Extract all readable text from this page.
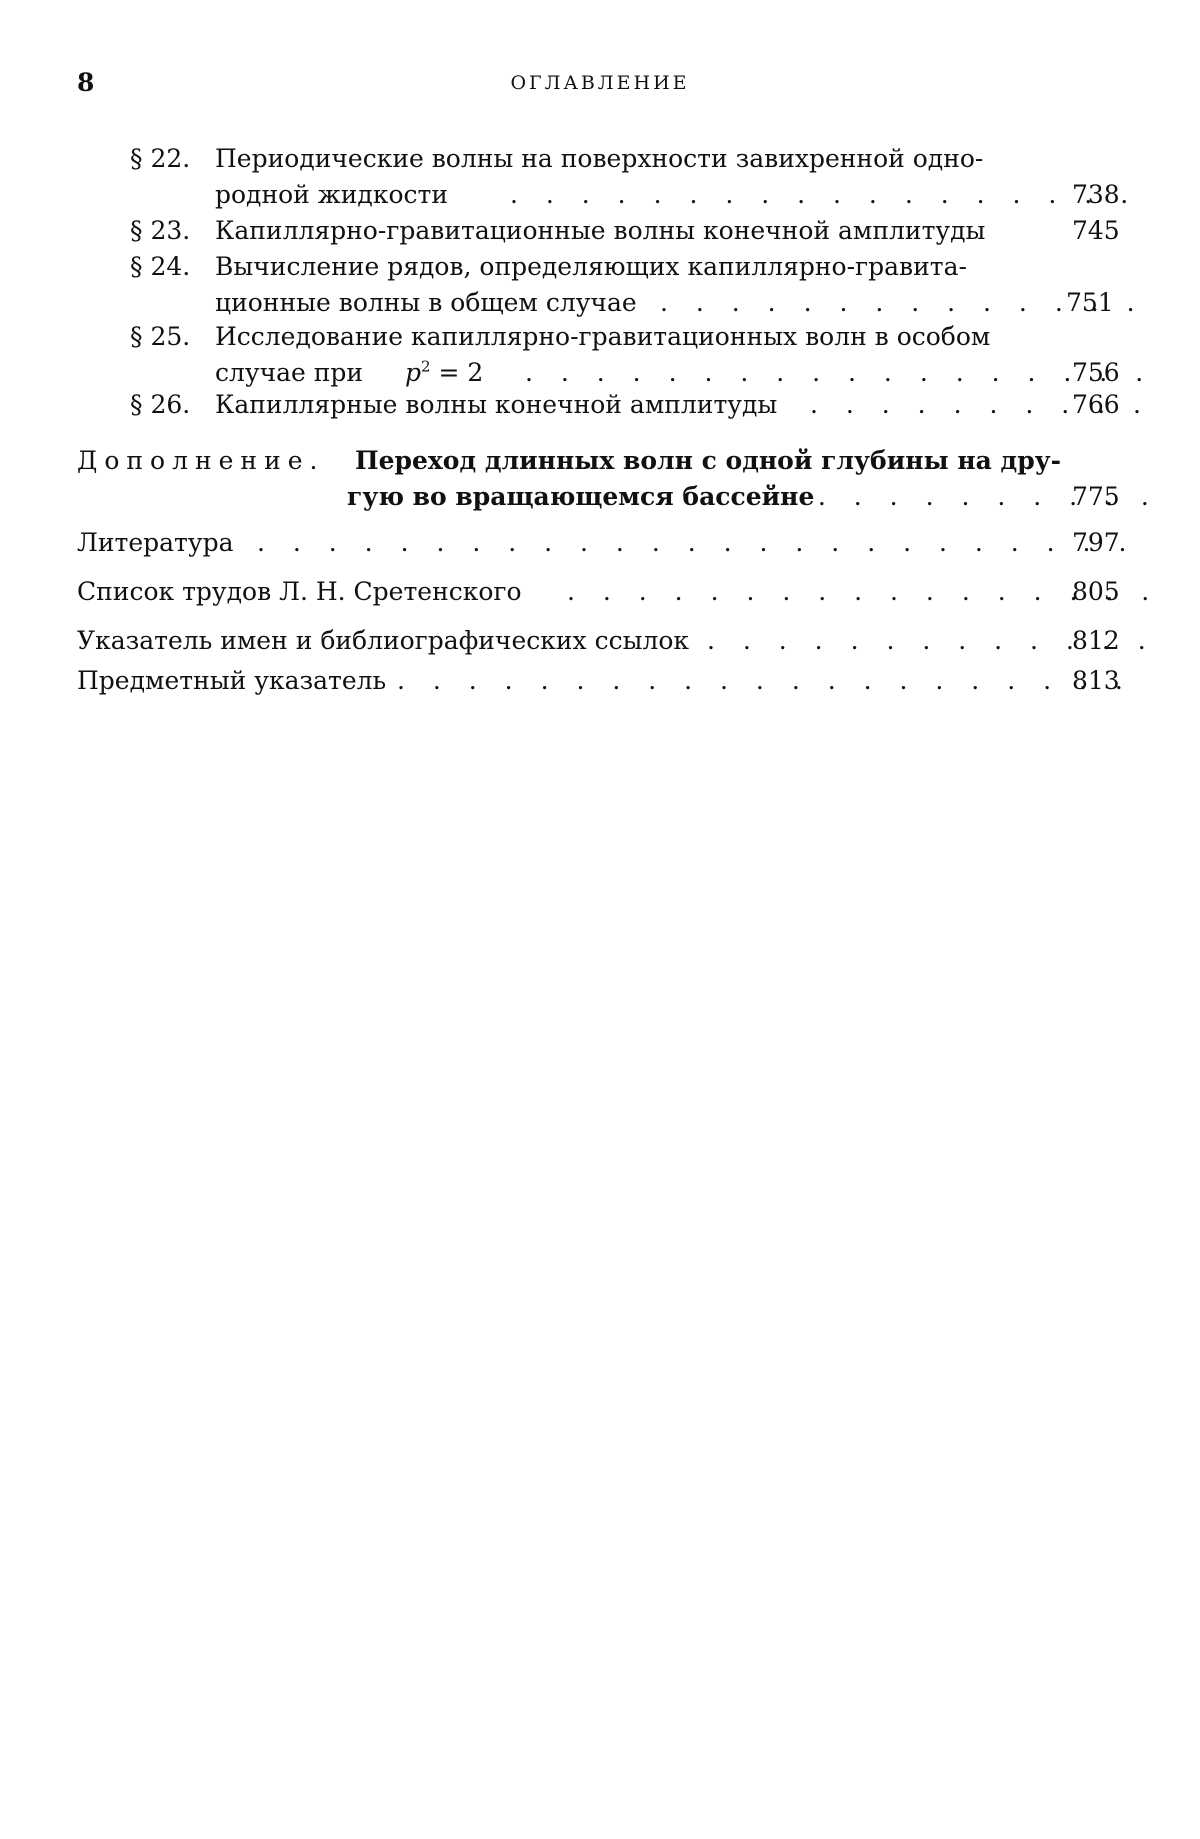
8	ОГЛАВЛЕНИЕ
§ 22. Периодические волны на поверхности завихренной одно-
родной жидкости . . .	738
§ 23. Капиллярно-гравитационные волны конечной амплитуды	745
§ 24. Вычисление рядов, определяющих капиллярно-гравита-
ционные волны в общем случае . . .	751
§ 25. Исследование капиллярно-гравитационных волн в особом
случае при $p^2 = 2$ . . .	756
§ 26. Капиллярные волны конечной амплитуды . . .	766
Дополнение. Переход длинных волн с одной глубины на дру-
гую во вращающемся бассейне . . .	775
Литература . . .	797
Список трудов Л. Н. Сретенского . . .	805
Указатель имен и библиографических ссылок . . .	812
Предметный указатель . . .	813
